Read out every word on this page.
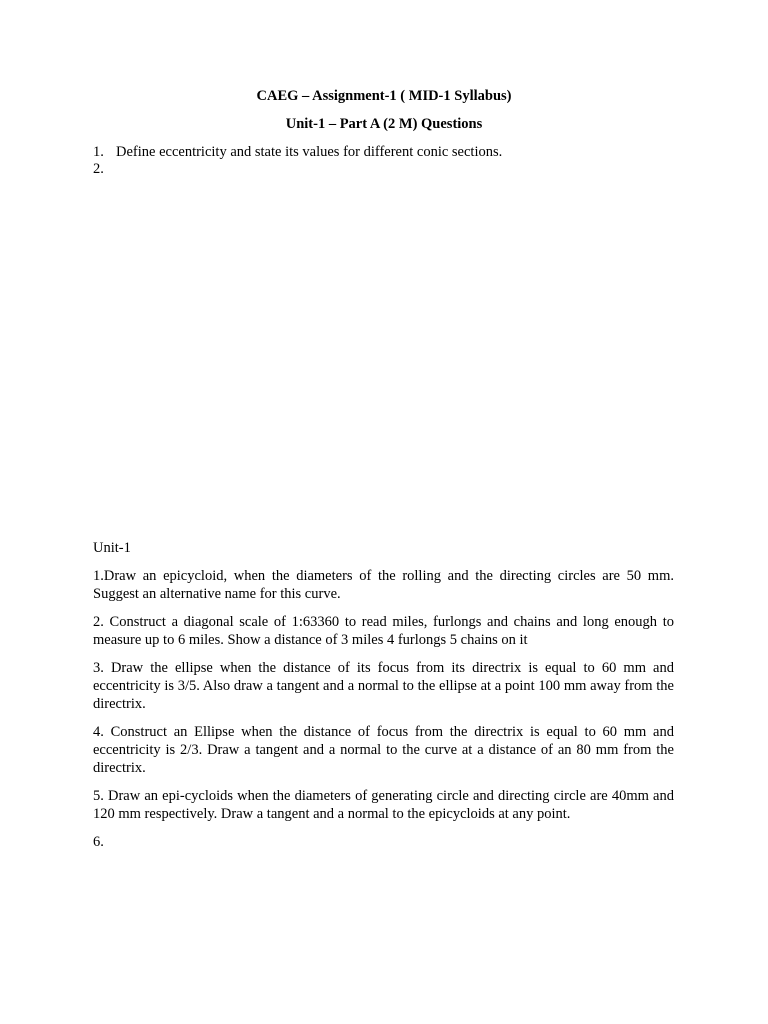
CAEG – Assignment-1 ( MID-1 Syllabus)
Unit-1 – Part A (2 M) Questions
1. Define eccentricity and state its values for different conic sections.
2.
Unit-1

1.Draw an epicycloid, when the diameters of the rolling and the directing circles are 50 mm. Suggest an alternative name for this curve.

2. Construct a diagonal scale of 1:63360 to read miles, furlongs and chains and long enough to measure up to 6 miles. Show a distance of 3 miles 4 furlongs 5 chains on it

3. Draw the ellipse when the distance of its focus from its directrix is equal to 60 mm and eccentricity is 3/5. Also draw a tangent and a normal to the ellipse at a point 100 mm away from the directrix.

4. Construct an Ellipse when the distance of focus from the directrix is equal to 60 mm and eccentricity is 2/3. Draw a tangent and a normal to the curve at a distance of an 80 mm from the directrix.

5. Draw an epi-cycloids when the diameters of generating circle and directing circle are 40mm and 120 mm respectively. Draw a tangent and a normal to the epicycloids at any point.

6.
